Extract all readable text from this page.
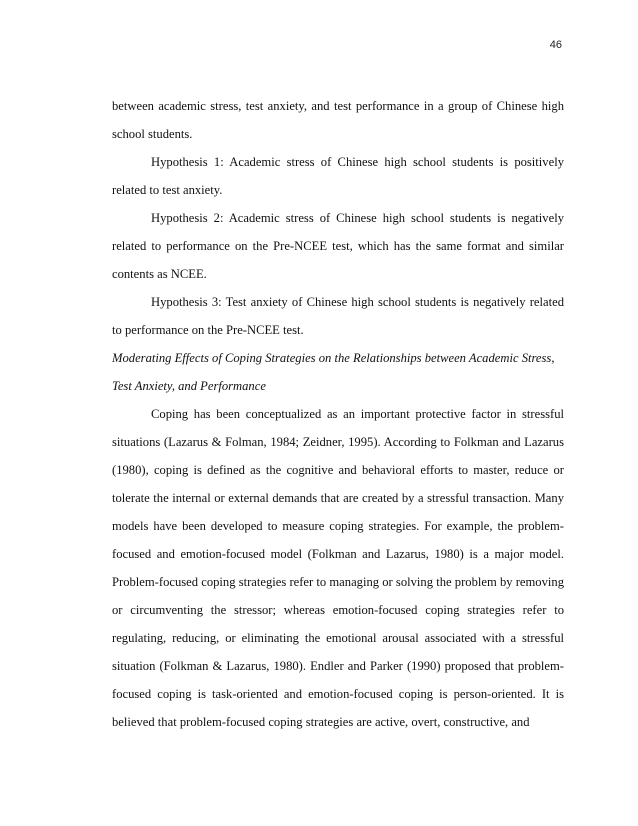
46

between academic stress, test anxiety, and test performance in a group of Chinese high school students.

Hypothesis 1: Academic stress of Chinese high school students is positively related to test anxiety.

Hypothesis 2: Academic stress of Chinese high school students is negatively related to performance on the Pre-NCEE test, which has the same format and similar contents as NCEE.

Hypothesis 3: Test anxiety of Chinese high school students is negatively related to performance on the Pre-NCEE test.

Moderating Effects of Coping Strategies on the Relationships between Academic Stress, Test Anxiety, and Performance

Coping has been conceptualized as an important protective factor in stressful situations (Lazarus & Folman, 1984; Zeidner, 1995). According to Folkman and Lazarus (1980), coping is defined as the cognitive and behavioral efforts to master, reduce or tolerate the internal or external demands that are created by a stressful transaction. Many models have been developed to measure coping strategies. For example, the problem-focused and emotion-focused model (Folkman and Lazarus, 1980) is a major model. Problem-focused coping strategies refer to managing or solving the problem by removing or circumventing the stressor; whereas emotion-focused coping strategies refer to regulating, reducing, or eliminating the emotional arousal associated with a stressful situation (Folkman & Lazarus, 1980). Endler and Parker (1990) proposed that problem-focused coping is task-oriented and emotion-focused coping is person-oriented. It is believed that problem-focused coping strategies are active, overt, constructive, and
